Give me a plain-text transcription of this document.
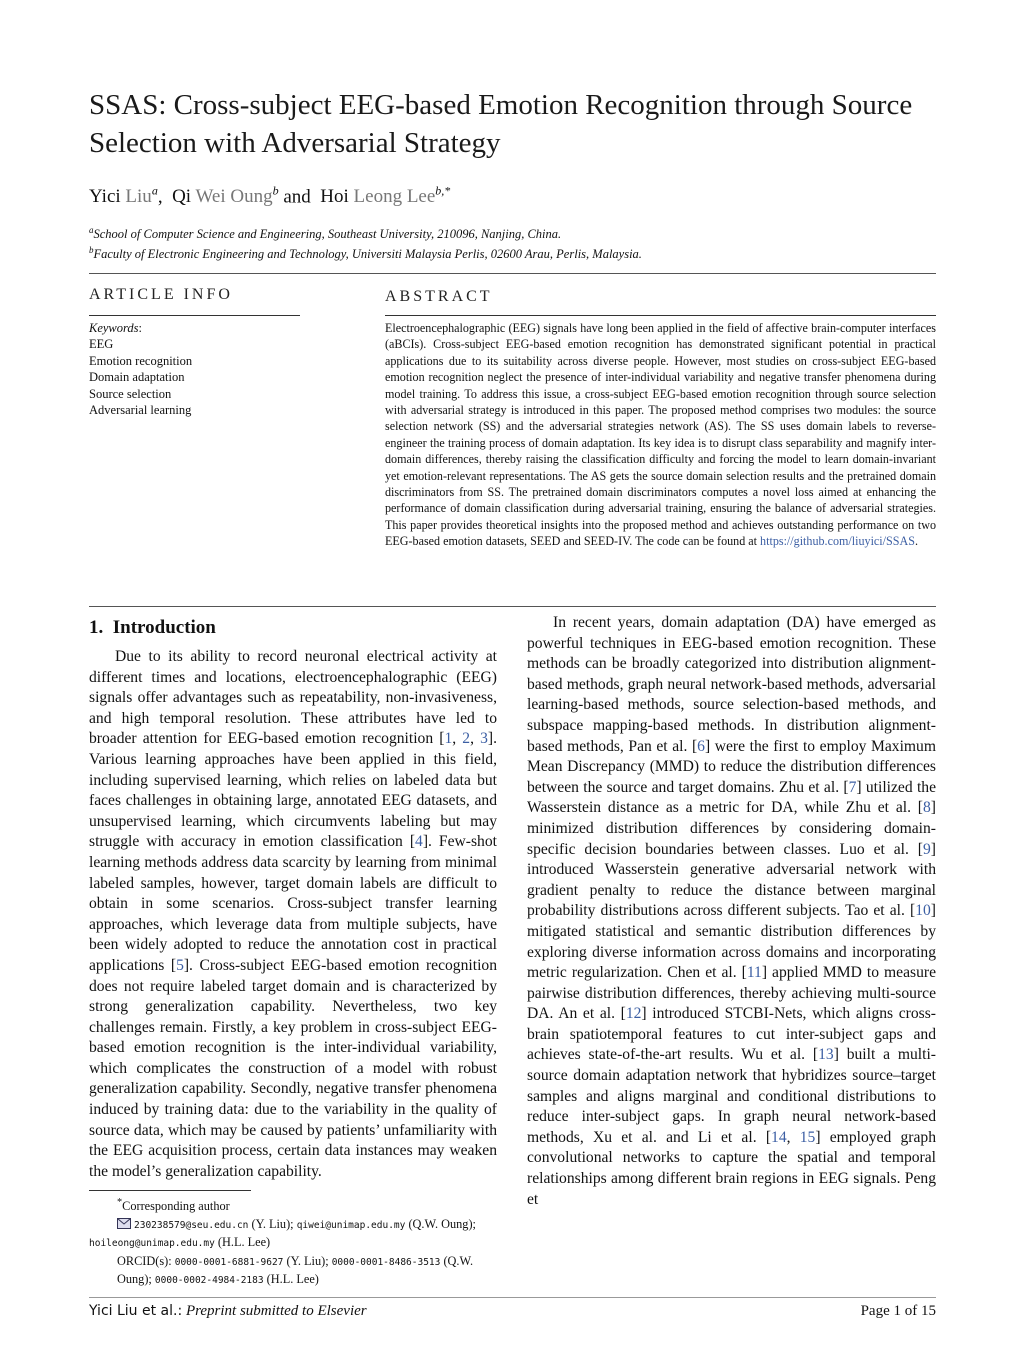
SSAS: Cross-subject EEG-based Emotion Recognition through Source Selection with Adversarial Strategy
Yici Liu$^a$, Qi Wei Oung$^b$ and Hoi Leong Lee$^{b,*}$
$^a$School of Computer Science and Engineering, Southeast University, 210096, Nanjing, China.
$^b$Faculty of Electronic Engineering and Technology, Universiti Malaysia Perlis, 02600 Arau, Perlis, Malaysia.
ARTICLE INFO	ABSTRACT
Keywords:
EEG
Emotion recognition
Domain adaptation
Source selection
Adversarial learning
Electroencephalographic (EEG) signals have long been applied in the field of affective brain-computer interfaces (aBCIs). Cross-subject EEG-based emotion recognition has demonstrated significant potential in practical applications due to its suitability across diverse people. However, most studies on cross-subject EEG-based emotion recognition neglect the presence of inter-individual variability and negative transfer phenomena during model training. To address this issue, a cross-subject EEG-based emotion recognition through source selection with adversarial strategy is introduced in this paper. The proposed method comprises two modules: the source selection network (SS) and the adversarial strategies network (AS). The SS uses domain labels to reverse-engineer the training process of domain adaptation. Its key idea is to disrupt class separability and magnify inter-domain differences, thereby raising the classification difficulty and forcing the model to learn domain-invariant yet emotion-relevant representations. The AS gets the source domain selection results and the pretrained domain discriminators from SS. The pretrained domain discriminators computes a novel loss aimed at enhancing the performance of domain classification during adversarial training, ensuring the balance of adversarial strategies. This paper provides theoretical insights into the proposed method and achieves outstanding performance on two EEG-based emotion datasets, SEED and SEED-IV. The code can be found at https://github.com/liuyici/SSAS.
1. Introduction

Due to its ability to record neuronal electrical activity at different times and locations, electroencephalographic (EEG) signals offer advantages such as repeatability, non-invasiveness, and high temporal resolution. These attributes have led to broader attention for EEG-based emotion recognition [1, 2, 3]. Various learning approaches have been applied in this field, including supervised learning, which relies on labeled data but faces challenges in obtaining large, annotated EEG datasets, and unsupervised learning, which circumvents labeling but may struggle with accuracy in emotion classification [4]. Few-shot learning methods address data scarcity by learning from minimal labeled samples, however, target domain labels are difficult to obtain in some scenarios. Cross-subject transfer learning approaches, which leverage data from multiple subjects, have been widely adopted to reduce the annotation cost in practical applications [5]. Cross-subject EEG-based emotion recognition does not require labeled target domain and is characterized by strong generalization capability. Nevertheless, two key challenges remain. Firstly, a key problem in cross-subject EEG-based emotion recognition is the inter-individual variability, which complicates the construction of a model with robust generalization capability. Secondly, negative transfer phenomena induced by training data: due to the variability in the quality of source data, which may be caused by patients’ unfamiliarity with the EEG acquisition process, certain data instances may weaken the model’s generalization capability.

In recent years, domain adaptation (DA) have emerged as powerful techniques in EEG-based emotion recognition. These methods can be broadly categorized into distribution alignment-based methods, graph neural network-based methods, adversarial learning-based methods, source selection-based methods, and subspace mapping-based methods. In distribution alignment-based methods, Pan et al. [6] were the first to employ Maximum Mean Discrepancy (MMD) to reduce the distribution differences between the source and target domains. Zhu et al. [7] utilized the Wasserstein distance as a metric for DA, while Zhu et al. [8] minimized distribution differences by considering domain-specific decision boundaries between classes. Luo et al. [9] introduced Wasserstein generative adversarial network with gradient penalty to reduce the distance between marginal probability distributions across different subjects. Tao et al. [10] mitigated statistical and semantic distribution differences by exploring diverse information across domains and incorporating metric regularization. Chen et al. [11] applied MMD to measure pairwise distribution differences, thereby achieving multi-source DA. An et al. [12] introduced STCBI-Nets, which aligns cross-brain spatiotemporal features to cut inter-subject gaps and achieves state-of-the-art results. Wu et al. [13] built a multi-source domain adaptation network that hybridizes source–target samples and aligns marginal and conditional distributions to reduce inter-subject gaps. In graph neural network-based methods, Xu et al. and Li et al. [14, 15] employed graph convolutional networks to capture the spatial and temporal relationships among different brain regions in EEG signals. Peng et

*Corresponding author
230238579@seu.edu.cn (Y. Liu); qiwei@unimap.edu.my (Q.W. Oung);
hoileong@unimap.edu.my (H.L. Lee)
ORCID(s): 0000-0001-6881-9627 (Y. Liu); 0000-0001-8486-3513 (Q.W. Oung); 0000-0002-4984-2183 (H.L. Lee)
Yici Liu et al.: Preprint submitted to Elsevier	Page 1 of 15
